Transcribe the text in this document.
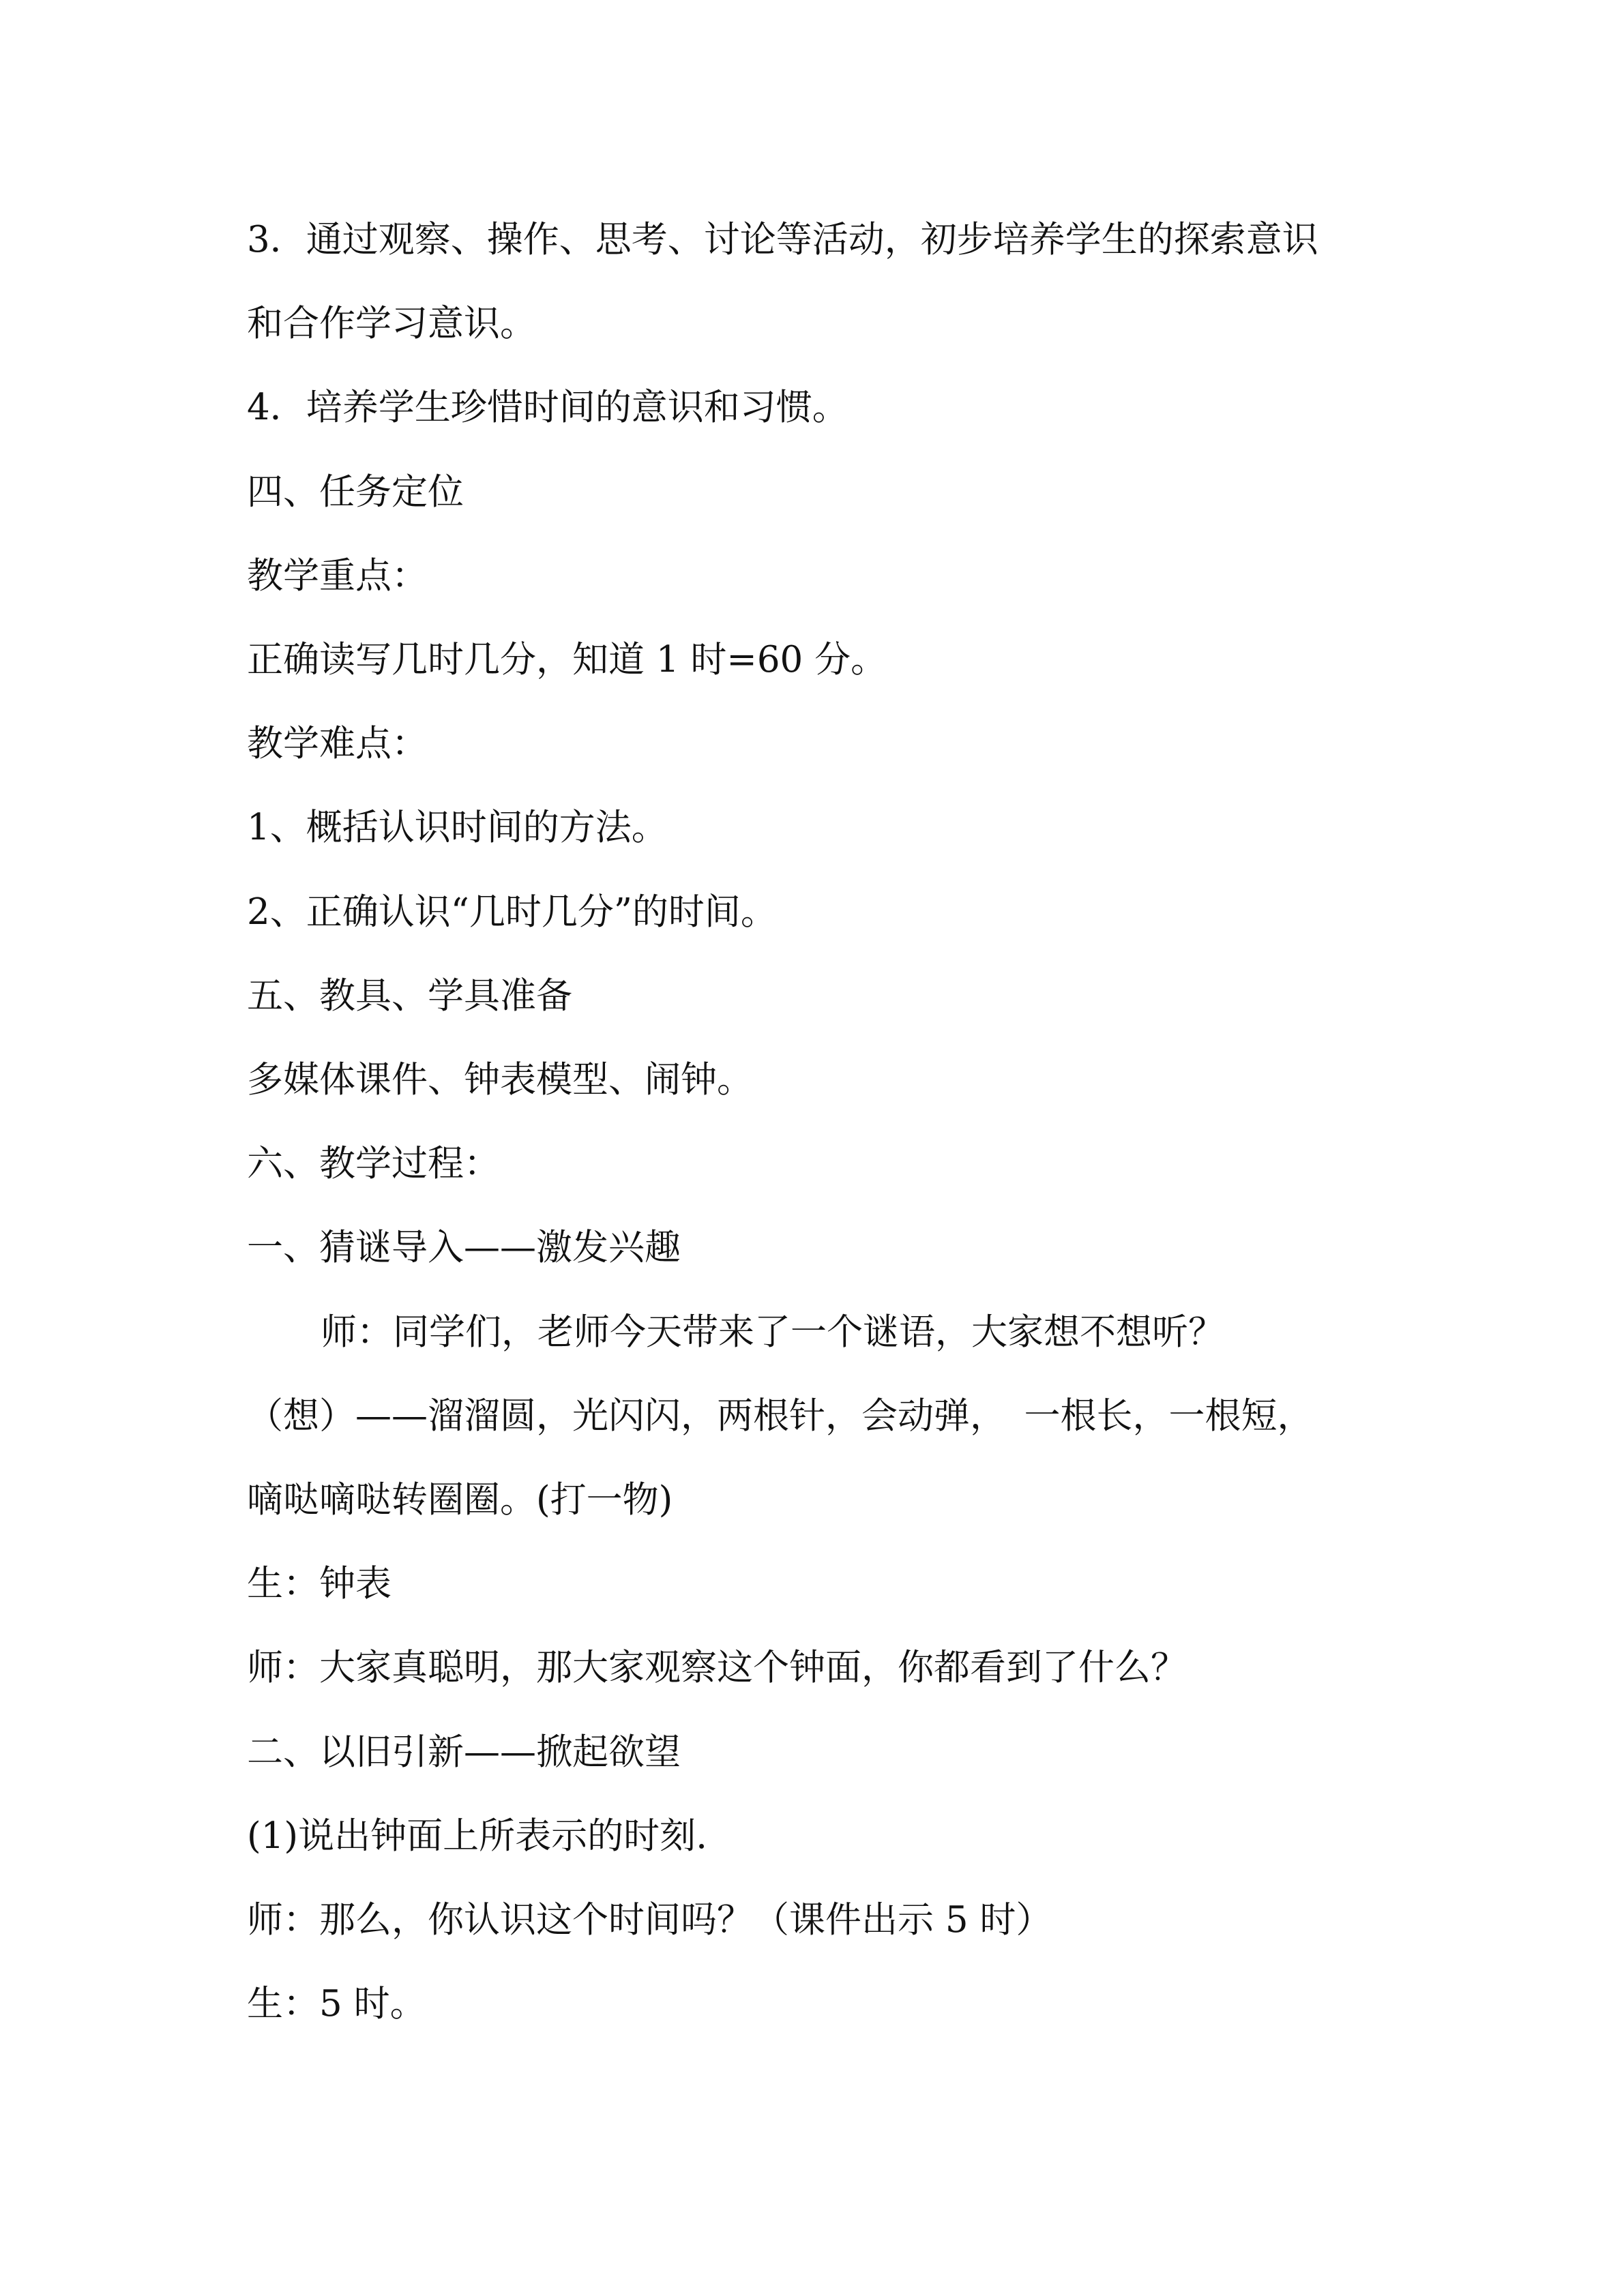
3．通过观察、操作、思考、讨论等活动，初步培养学生的探索意识
和合作学习意识。
4．培养学生珍惜时间的意识和习惯。
四、任务定位
教学重点：
正确读写几时几分，知道 1 时=60 分。
教学难点：
1、概括认识时间的方法。
2、正确认识“几时几分”的时间。
五、教具、学具准备
多媒体课件、钟表模型、闹钟。
六、教学过程：
一、猜谜导入——激发兴趣
师：同学们，老师今天带来了一个谜语，大家想不想听？
（想）——溜溜圆，光闪闪，两根针，会动弹，　一根长，一根短，
嘀哒嘀哒转圈圈。(打一物)
生：钟表
师：大家真聪明，那大家观察这个钟面，你都看到了什么？
二、以旧引新——掀起欲望
(1)说出钟面上所表示的时刻.
师：那么，你认识这个时间吗？（课件出示 5 时）
生：5 时。
